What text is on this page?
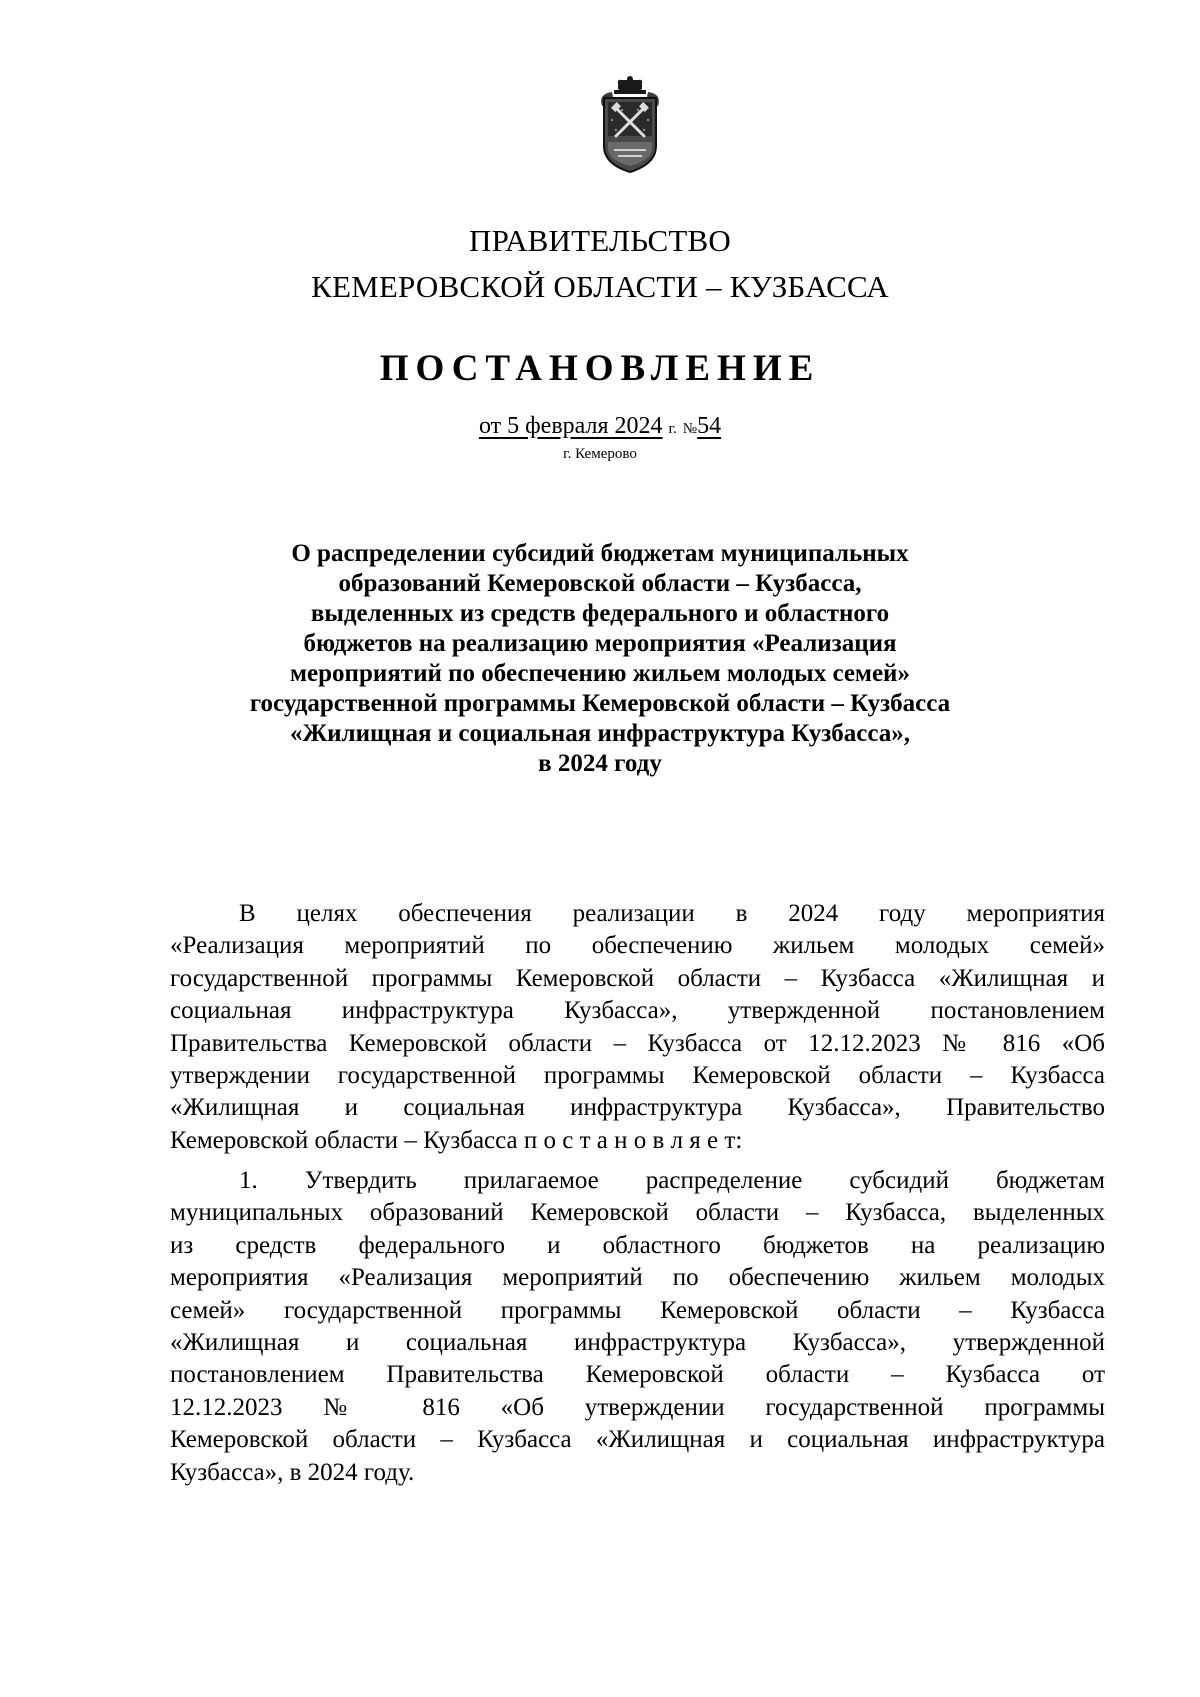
ПРАВИТЕЛЬСТВО
КЕМЕРОВСКОЙ ОБЛАСТИ – КУЗБАССА
ПОСТАНОВЛЕНИЕ
от 5 февраля 2024 г. №54
г. Кемерово
О распределении субсидий бюджетам муниципальных
образований Кемеровской области – Кузбасса,
выделенных из средств федерального и областного
бюджетов на реализацию мероприятия «Реализация
мероприятий по обеспечению жильем молодых семей»
государственной программы Кемеровской области – Кузбасса
«Жилищная и социальная инфраструктура Кузбасса»,
в 2024 году
В целях обеспечения реализации в 2024 году мероприятия
«Реализация мероприятий по обеспечению жильем молодых семей»
государственной программы Кемеровской области – Кузбасса «Жилищная и
социальная инфраструктура Кузбасса», утвержденной постановлением
Правительства Кемеровской области – Кузбасса от 12.12.2023 № 816 «Об
утверждении государственной программы Кемеровской области – Кузбасса
«Жилищная и социальная инфраструктура Кузбасса», Правительство
Кемеровской области – Кузбасса п о с т а н о в л я е т:
1. Утвердить прилагаемое распределение субсидий бюджетам
муниципальных образований Кемеровской области – Кузбасса, выделенных
из средств федерального и областного бюджетов на реализацию
мероприятия «Реализация мероприятий по обеспечению жильем молодых
семей» государственной программы Кемеровской области – Кузбасса
«Жилищная и социальная инфраструктура Кузбасса», утвержденной
постановлением Правительства Кемеровской области – Кузбасса от
12.12.2023 № 816 «Об утверждении государственной программы
Кемеровской области – Кузбасса «Жилищная и социальная инфраструктура
Кузбасса», в 2024 году.
